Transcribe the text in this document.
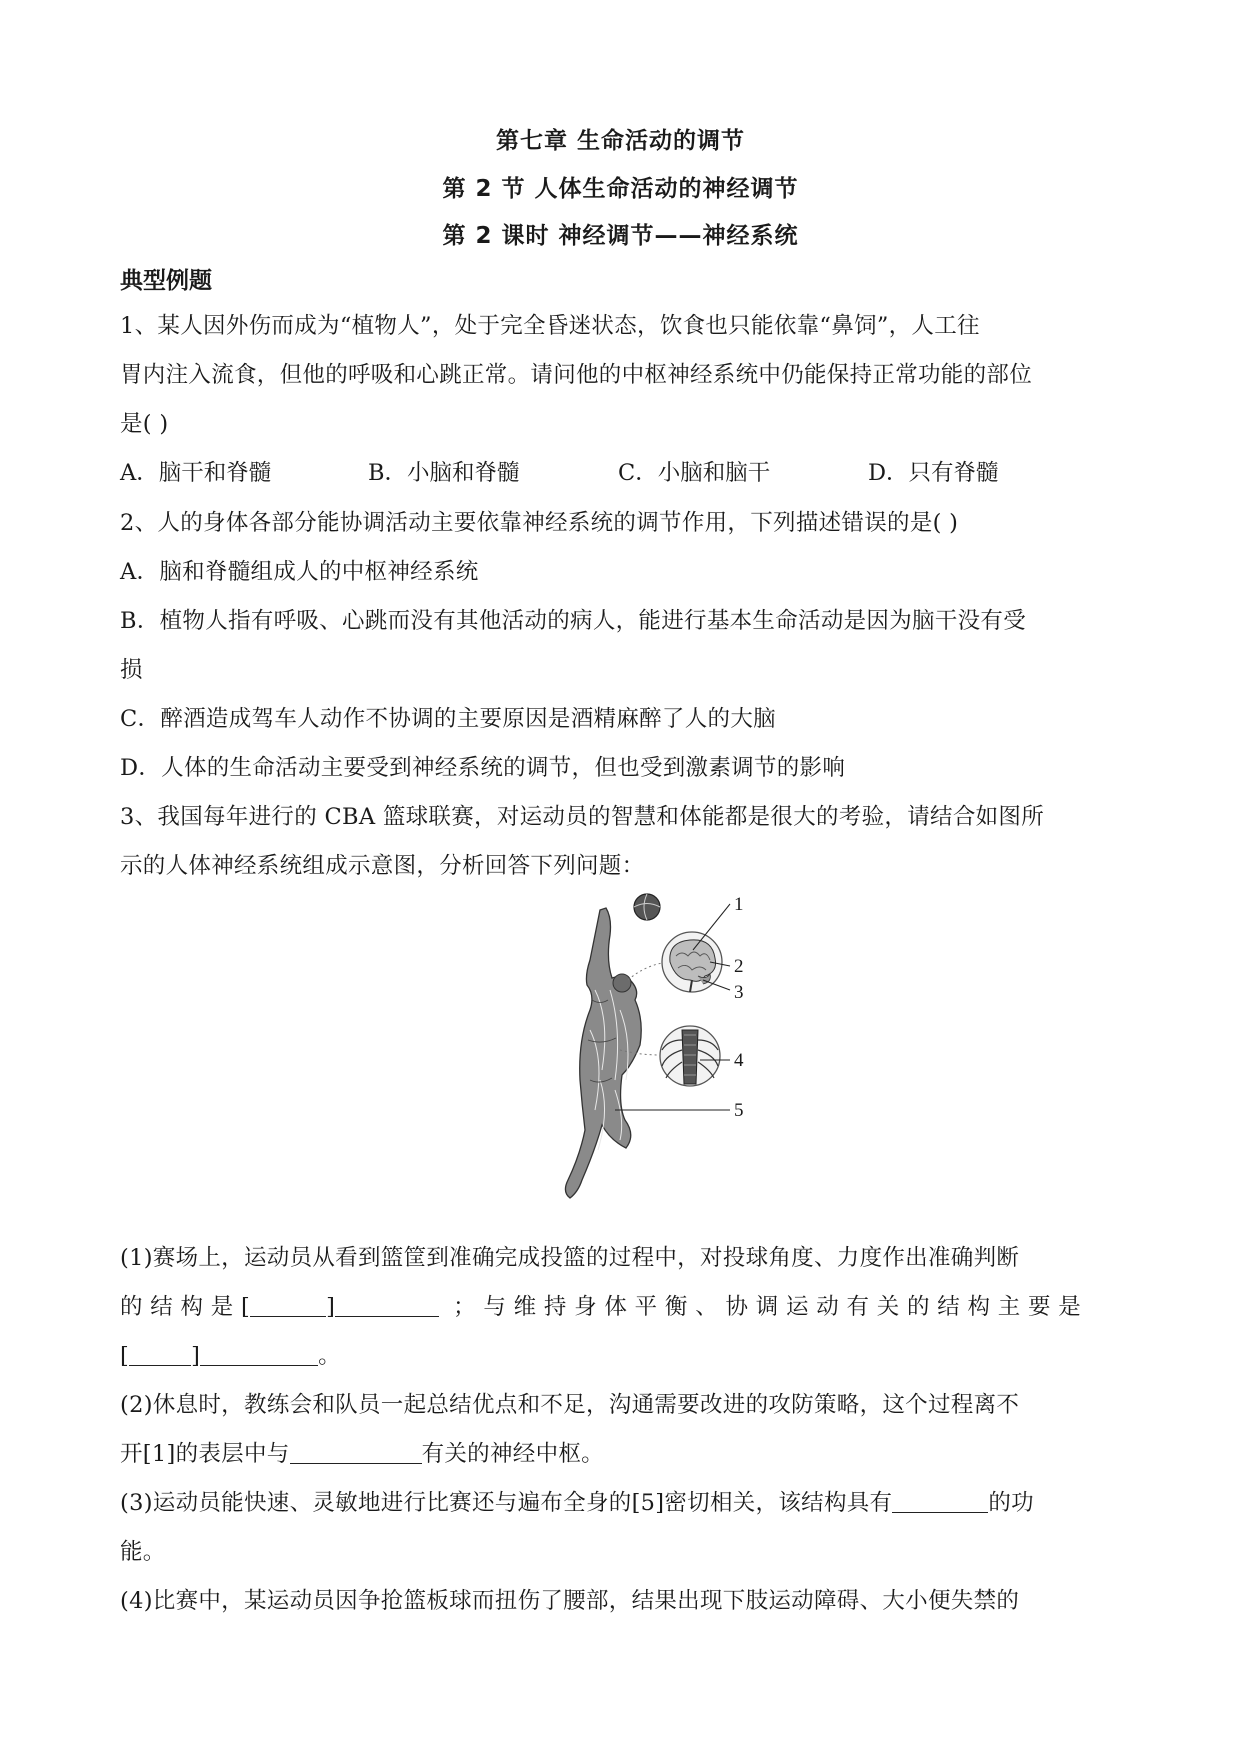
第七章 生命活动的调节
第 2 节 人体生命活动的神经调节
第 2 课时 神经调节——神经系统
典型例题
1、某人因外伤而成为“植物人”，处于完全昏迷状态，饮食也只能依靠“鼻饲”，人工往
胃内注入流食，但他的呼吸和心跳正常。请问他的中枢神经系统中仍能保持正常功能的部位
是( )
A．脑干和脊髓	B．小脑和脊髓	C．小脑和脑干	D．只有脊髓
2、人的身体各部分能协调活动主要依靠神经系统的调节作用，下列描述错误的是( )
A．脑和脊髓组成人的中枢神经系统
B．植物人指有呼吸、心跳而没有其他活动的病人，能进行基本生命活动是因为脑干没有受
损
C．醉酒造成驾车人动作不协调的主要原因是酒精麻醉了人的大脑
D．人体的生命活动主要受到神经系统的调节，但也受到激素调节的影响
3、我国每年进行的 CBA 篮球联赛，对运动员的智慧和体能都是很大的考验，请结合如图所
示的人体神经系统组成示意图，分析回答下列问题：
1
2
3
4
5
(1)赛场上，运动员从看到篮筐到准确完成投篮的过程中，对投球角度、力度作出准确判断
的 结 构 是 [	]	； 与 维 持 身 体 平 衡 、 协 调 运 动 有 关 的 结 构 主 要 是
[	]	。
(2)休息时，教练会和队员一起总结优点和不足，沟通需要改进的攻防策略，这个过程离不
开[1]的表层中与	有关的神经中枢。
(3)运动员能快速、灵敏地进行比赛还与遍布全身的[5]密切相关，该结构具有	的功
能。
(4)比赛中，某运动员因争抢篮板球而扭伤了腰部，结果出现下肢运动障碍、大小便失禁的
